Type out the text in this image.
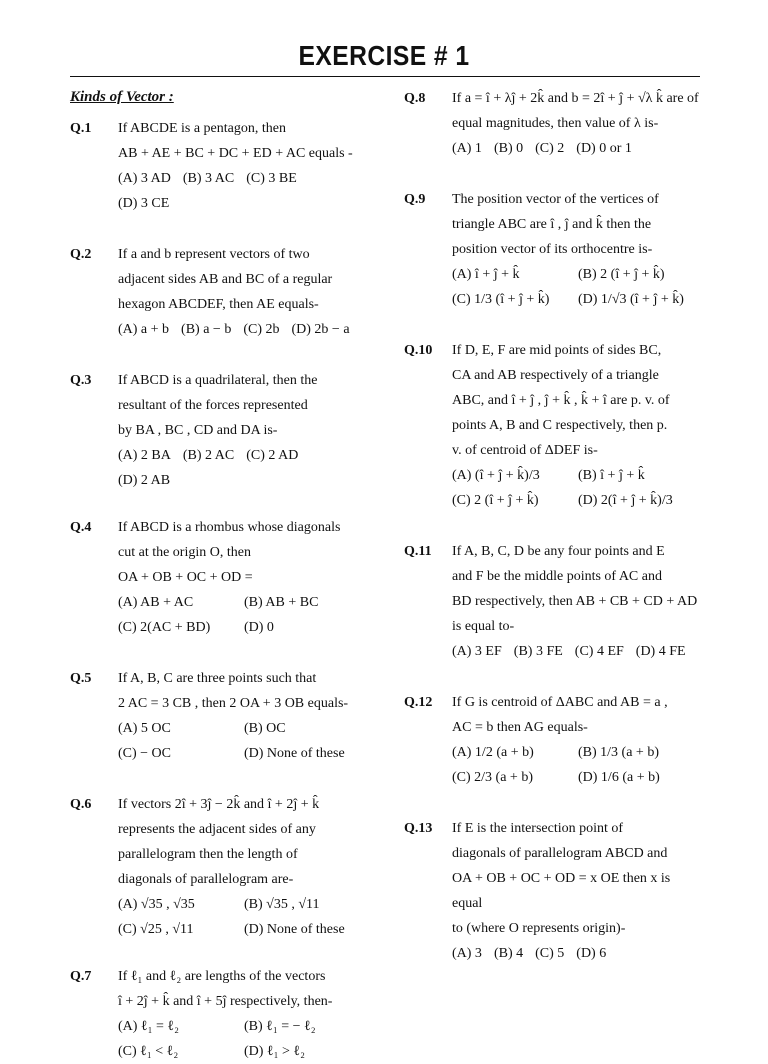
EXERCISE # 1
Kinds of Vector :
Q.1 If ABCDE is a pentagon, then
AB + AE + BC + DC + ED + AC equals -
(A) 3 AD (B) 3 AC (C) 3 BE
(D) 3 CE
Q.2 If a and b represent vectors of two
adjacent sides AB and BC of a regular
hexagon ABCDEF, then AE equals-
(A) a + b (B) a − b (C) 2b (D) 2b − a
Q.3 If ABCD is a quadrilateral, then the
resultant of the forces represented
by BA , BC , CD and DA is-
(A) 2 BA (B) 2 AC (C) 2 AD
(D) 2 AB
Q.4 If ABCD is a rhombus whose diagonals
cut at the origin O, then
OA + OB + OC + OD =
(A) AB + AC	(B) AB + BC
(C) 2(AC + BD)	(D) 0
Q.5 If A, B, C are three points such that
2 AC = 3 CB , then 2 OA + 3 OB equals-
(A) 5 OC	(B) OC
(C) − OC	(D) None of these
Q.6 If vectors 2î + 3ĵ − 2k̂ and î + 2ĵ + k̂
represents the adjacent sides of any
parallelogram then the length of
diagonals of parallelogram are-
(A) √35 , √35	(B) √35 , √11
(C) √25 , √11	(D) None of these
Q.7 If ℓ₁ and ℓ₂ are lengths of the vectors
î + 2ĵ + k̂ and î + 5ĵ respectively, then-
(A) ℓ₁ = ℓ₂	(B) ℓ₁ = − ℓ₂
(C) ℓ₁ < ℓ₂	(D) ℓ₁ > ℓ₂
Q.8 If a = î + λĵ + 2k̂ and b = 2î + ĵ + √λ k̂ are of
equal magnitudes, then value of λ is-
(A) 1 (B) 0 (C) 2 (D) 0 or 1
Q.9 The position vector of the vertices of
triangle ABC are î , ĵ and k̂ then the
position vector of its orthocentre is-
(A) î + ĵ + k̂	(B) 2 (î + ĵ + k̂)
(C) 1/3 (î + ĵ + k̂)	(D) 1/√3 (î + ĵ + k̂)
Q.10 If D, E, F are mid points of sides BC,
CA and AB respectively of a triangle
ABC, and î + ĵ , ĵ + k̂ , k̂ + î are p. v. of
points A, B and C respectively, then p.
v. of centroid of ΔDEF is-
(A) (î + ĵ + k̂)/3	(B) î + ĵ + k̂
(C) 2 (î + ĵ + k̂)	(D) 2(î + ĵ + k̂)/3
Q.11 If A, B, C, D be any four points and E
and F be the middle points of AC and
BD respectively, then AB + CB + CD + AD
is equal to-
(A) 3 EF (B) 3 FE (C) 4 EF (D) 4 FE
Q.12 If G is centroid of ΔABC and AB = a ,
AC = b then AG equals-
(A) 1/2 (a + b)	(B) 1/3 (a + b)
(C) 2/3 (a + b)	(D) 1/6 (a + b)
Q.13 If E is the intersection point of
diagonals of parallelogram ABCD and
OA + OB + OC + OD = x OE then x is equal
to (where O represents origin)-
(A) 3 (B) 4 (C) 5 (D) 6
